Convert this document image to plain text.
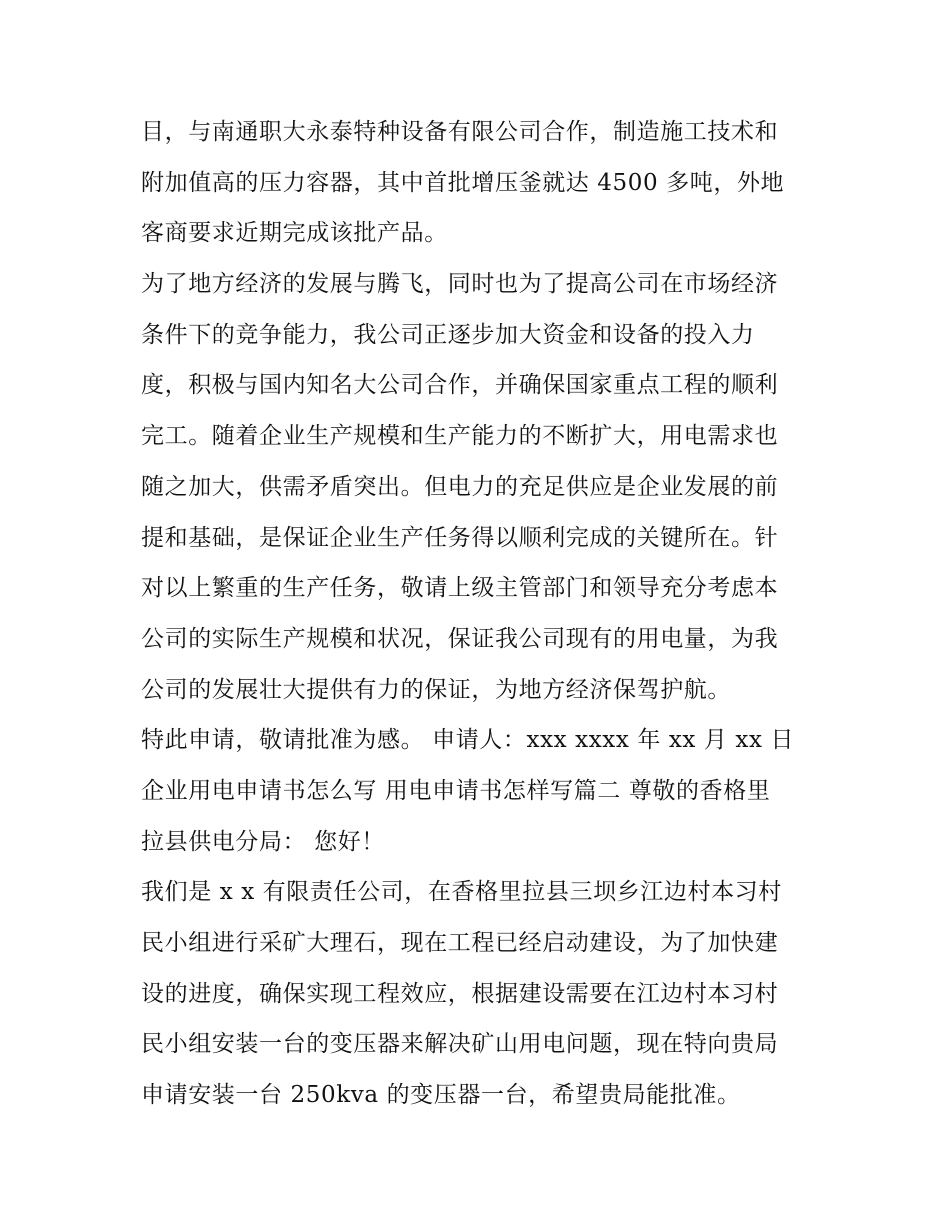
目，与南通职大永泰特种设备有限公司合作，制造施工技术和
附加值高的压力容器，其中首批增压釜就达 4500 多吨，外地
客商要求近期完成该批产品。
为了地方经济的发展与腾飞，同时也为了提高公司在市场经济
条件下的竞争能力，我公司正逐步加大资金和设备的投入力
度，积极与国内知名大公司合作，并确保国家重点工程的顺利
完工。随着企业生产规模和生产能力的不断扩大，用电需求也
随之加大，供需矛盾突出。但电力的充足供应是企业发展的前
提和基础，是保证企业生产任务得以顺利完成的关键所在。针
对以上繁重的生产任务，敬请上级主管部门和领导充分考虑本
公司的实际生产规模和状况，保证我公司现有的用电量，为我
公司的发展壮大提供有力的保证，为地方经济保驾护航。
特此申请，敬请批准为感。 申请人：xxx xxxx 年 xx 月 xx 日
企业用电申请书怎么写 用电申请书怎样写篇二 尊敬的香格里
拉县供电分局： 您好！
我们是 x x 有限责任公司，在香格里拉县三坝乡江边村本习村
民小组进行采矿大理石，现在工程已经启动建设，为了加快建
设的进度，确保实现工程效应，根据建设需要在江边村本习村
民小组安装一台的变压器来解决矿山用电问题，现在特向贵局
申请安装一台 250kva 的变压器一台，希望贵局能批准。
